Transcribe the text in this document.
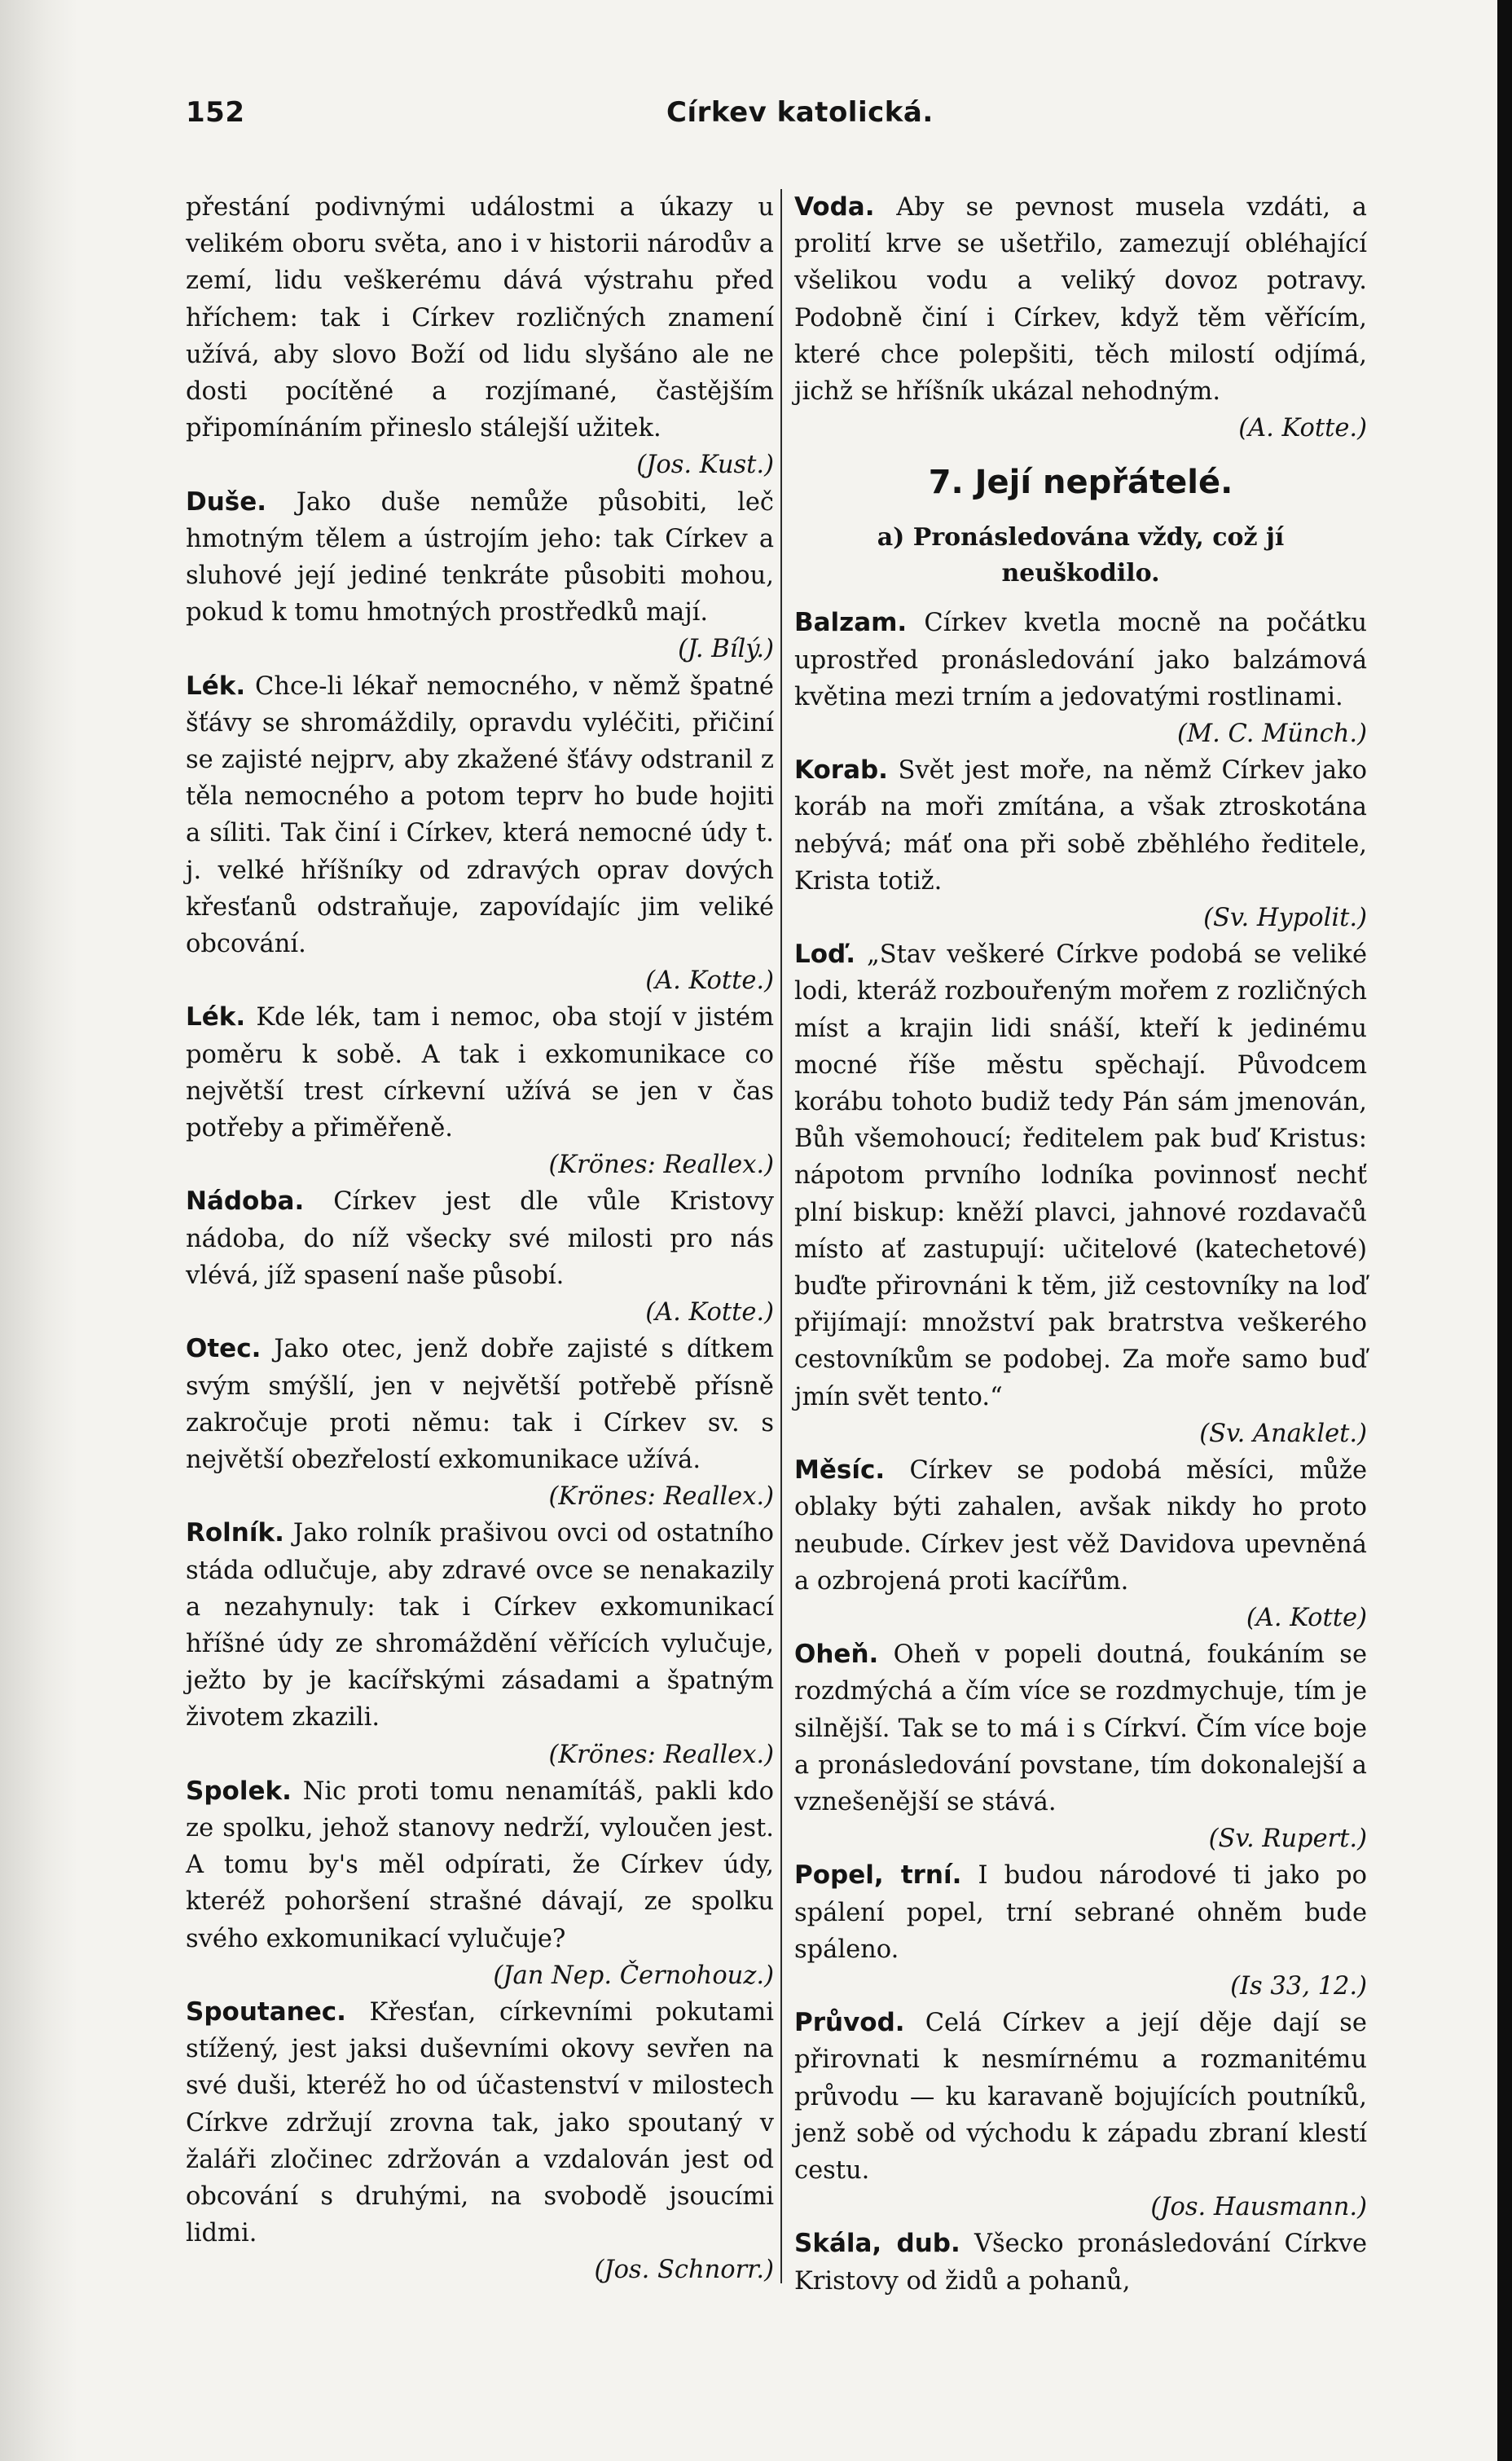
152	Církev katolická.

přestání podivnými událostmi a úkazy u velikém oboru světa, ano i v historii národův a zemí, lidu veškerému dává výstrahu před hříchem: tak i Církev rozličných znamení užívá, aby slovo Boží od lidu slyšáno ale ne dosti pocítěné a rozjímané, častějším připomínáním přineslo stálejší užitek.
(Jos. Kust.)

Duše. Jako duše nemůže působiti, leč hmotným tělem a ústrojím jeho: tak Církev a sluhové její jediné tenkráte působiti mohou, pokud k tomu hmotných prostředků mají.
(J. Bílý.)

Lék. Chce-li lékař nemocného, v němž špatné šťávy se shromáždily, opravdu vyléčiti, přičiní se zajisté nejprv, aby zkažené šťávy odstranil z těla nemocného a potom teprv ho bude hojiti a síliti. Tak činí i Církev, která nemocné údy t. j. velké hříšníky od zdravých oprav dových křesťanů odstraňuje, zapovídajíc jim veliké obcování.
(A. Kotte.)

Lék. Kde lék, tam i nemoc, oba stojí v jistém poměru k sobě. A tak i exkomunikace co největší trest církevní užívá se jen v čas potřeby a přiměřeně.
(Krönes: Reallex.)

Nádoba. Církev jest dle vůle Kristovy nádoba, do níž všecky své milosti pro nás vlévá, jíž spasení naše působí.
(A. Kotte.)

Otec. Jako otec, jenž dobře zajisté s dítkem svým smýšlí, jen v největší potřebě přísně zakročuje proti němu: tak i Církev sv. s největší obezřelostí exkomunikace užívá.
(Krönes: Reallex.)

Rolník. Jako rolník prašivou ovci od ostatního stáda odlučuje, aby zdravé ovce se nenakazily a nezahynuly: tak i Církev exkomunikací hříšné údy ze shromáždění věřících vylučuje, ježto by je kacířskými zásadami a špatným životem zkazili.
(Krönes: Reallex.)

Spolek. Nic proti tomu nenamítáš, pakli kdo ze spolku, jehož stanovy nedrží, vyloučen jest. A tomu by's měl odpírati, že Církev údy, kteréž pohoršení strašné dávají, ze spolku svého exkomunikací vylučuje?
(Jan Nep. Černohouz.)

Spoutanec. Křesťan, církevními pokutami stížený, jest jaksi duševními okovy sevřen na své duši, kteréž ho od účastenství v milostech Církve zdržují zrovna tak, jako spoutaný v žaláři zločinec zdržován a vzdalován jest od obcování s druhými, na svobodě jsoucími lidmi.
(Jos. Schnorr.)

Voda. Aby se pevnost musela vzdáti, a prolití krve se ušetřilo, zamezují obléhající všelikou vodu a veliký dovoz potravy. Podobně činí i Církev, když těm věřícím, které chce polepšiti, těch milostí odjímá, jichž se hříšník ukázal nehodným.
(A. Kotte.)

7. Její nepřátelé.
a) Pronásledována vždy, což jí neuškodilo.

Balzam. Církev kvetla mocně na počátku uprostřed pronásledování jako balzámová květina mezi trním a jedovatými rostlinami.
(M. C. Münch.)

Korab. Svět jest moře, na němž Církev jako koráb na moři zmítána, a však ztroskotána nebývá; máť ona při sobě zběhlého ředitele, Krista totiž.
(Sv. Hypolit.)

Loď. „Stav veškeré Církve podobá se veliké lodi, kteráž rozbouřeným mořem z rozličných míst a krajin lidi snáší, kteří k jedinému mocné říše městu spěchají. Původcem korábu tohoto budiž tedy Pán sám jmenován, Bůh všemohoucí; ředitelem pak buď Kristus: nápotom prvního lodníka povinnosť nechť plní biskup: kněží plavci, jahnové rozdavačů místo ať zastupují: učitelové (katechetové) buďte přirovnáni k těm, již cestovníky na loď přijímají: množství pak bratrstva veškerého cestovníkům se podobej. Za moře samo buď jmín svět tento.“
(Sv. Anaklet.)

Měsíc. Církev se podobá měsíci, může oblaky býti zahalen, avšak nikdy ho proto neubude. Církev jest věž Davidova upevněná a ozbrojená proti kacířům.
(A. Kotte)

Oheň. Oheň v popeli doutná, foukáním se rozdmýchá a čím více se rozdmychuje, tím je silnější. Tak se to má i s Církví. Čím více boje a pronásledování povstane, tím dokonalejší a vznešenější se stává.
(Sv. Rupert.)

Popel, trní. I budou národové ti jako po spálení popel, trní sebrané ohněm bude spáleno.
(Is 33, 12.)

Průvod. Celá Církev a její děje dají se přirovnati k nesmírnému a rozmanitému průvodu — ku karavaně bojujících poutníků, jenž sobě od východu k západu zbraní klestí cestu.
(Jos. Hausmann.)

Skála, dub. Všecko pronásledování Církve Kristovy od židů a pohanů,
